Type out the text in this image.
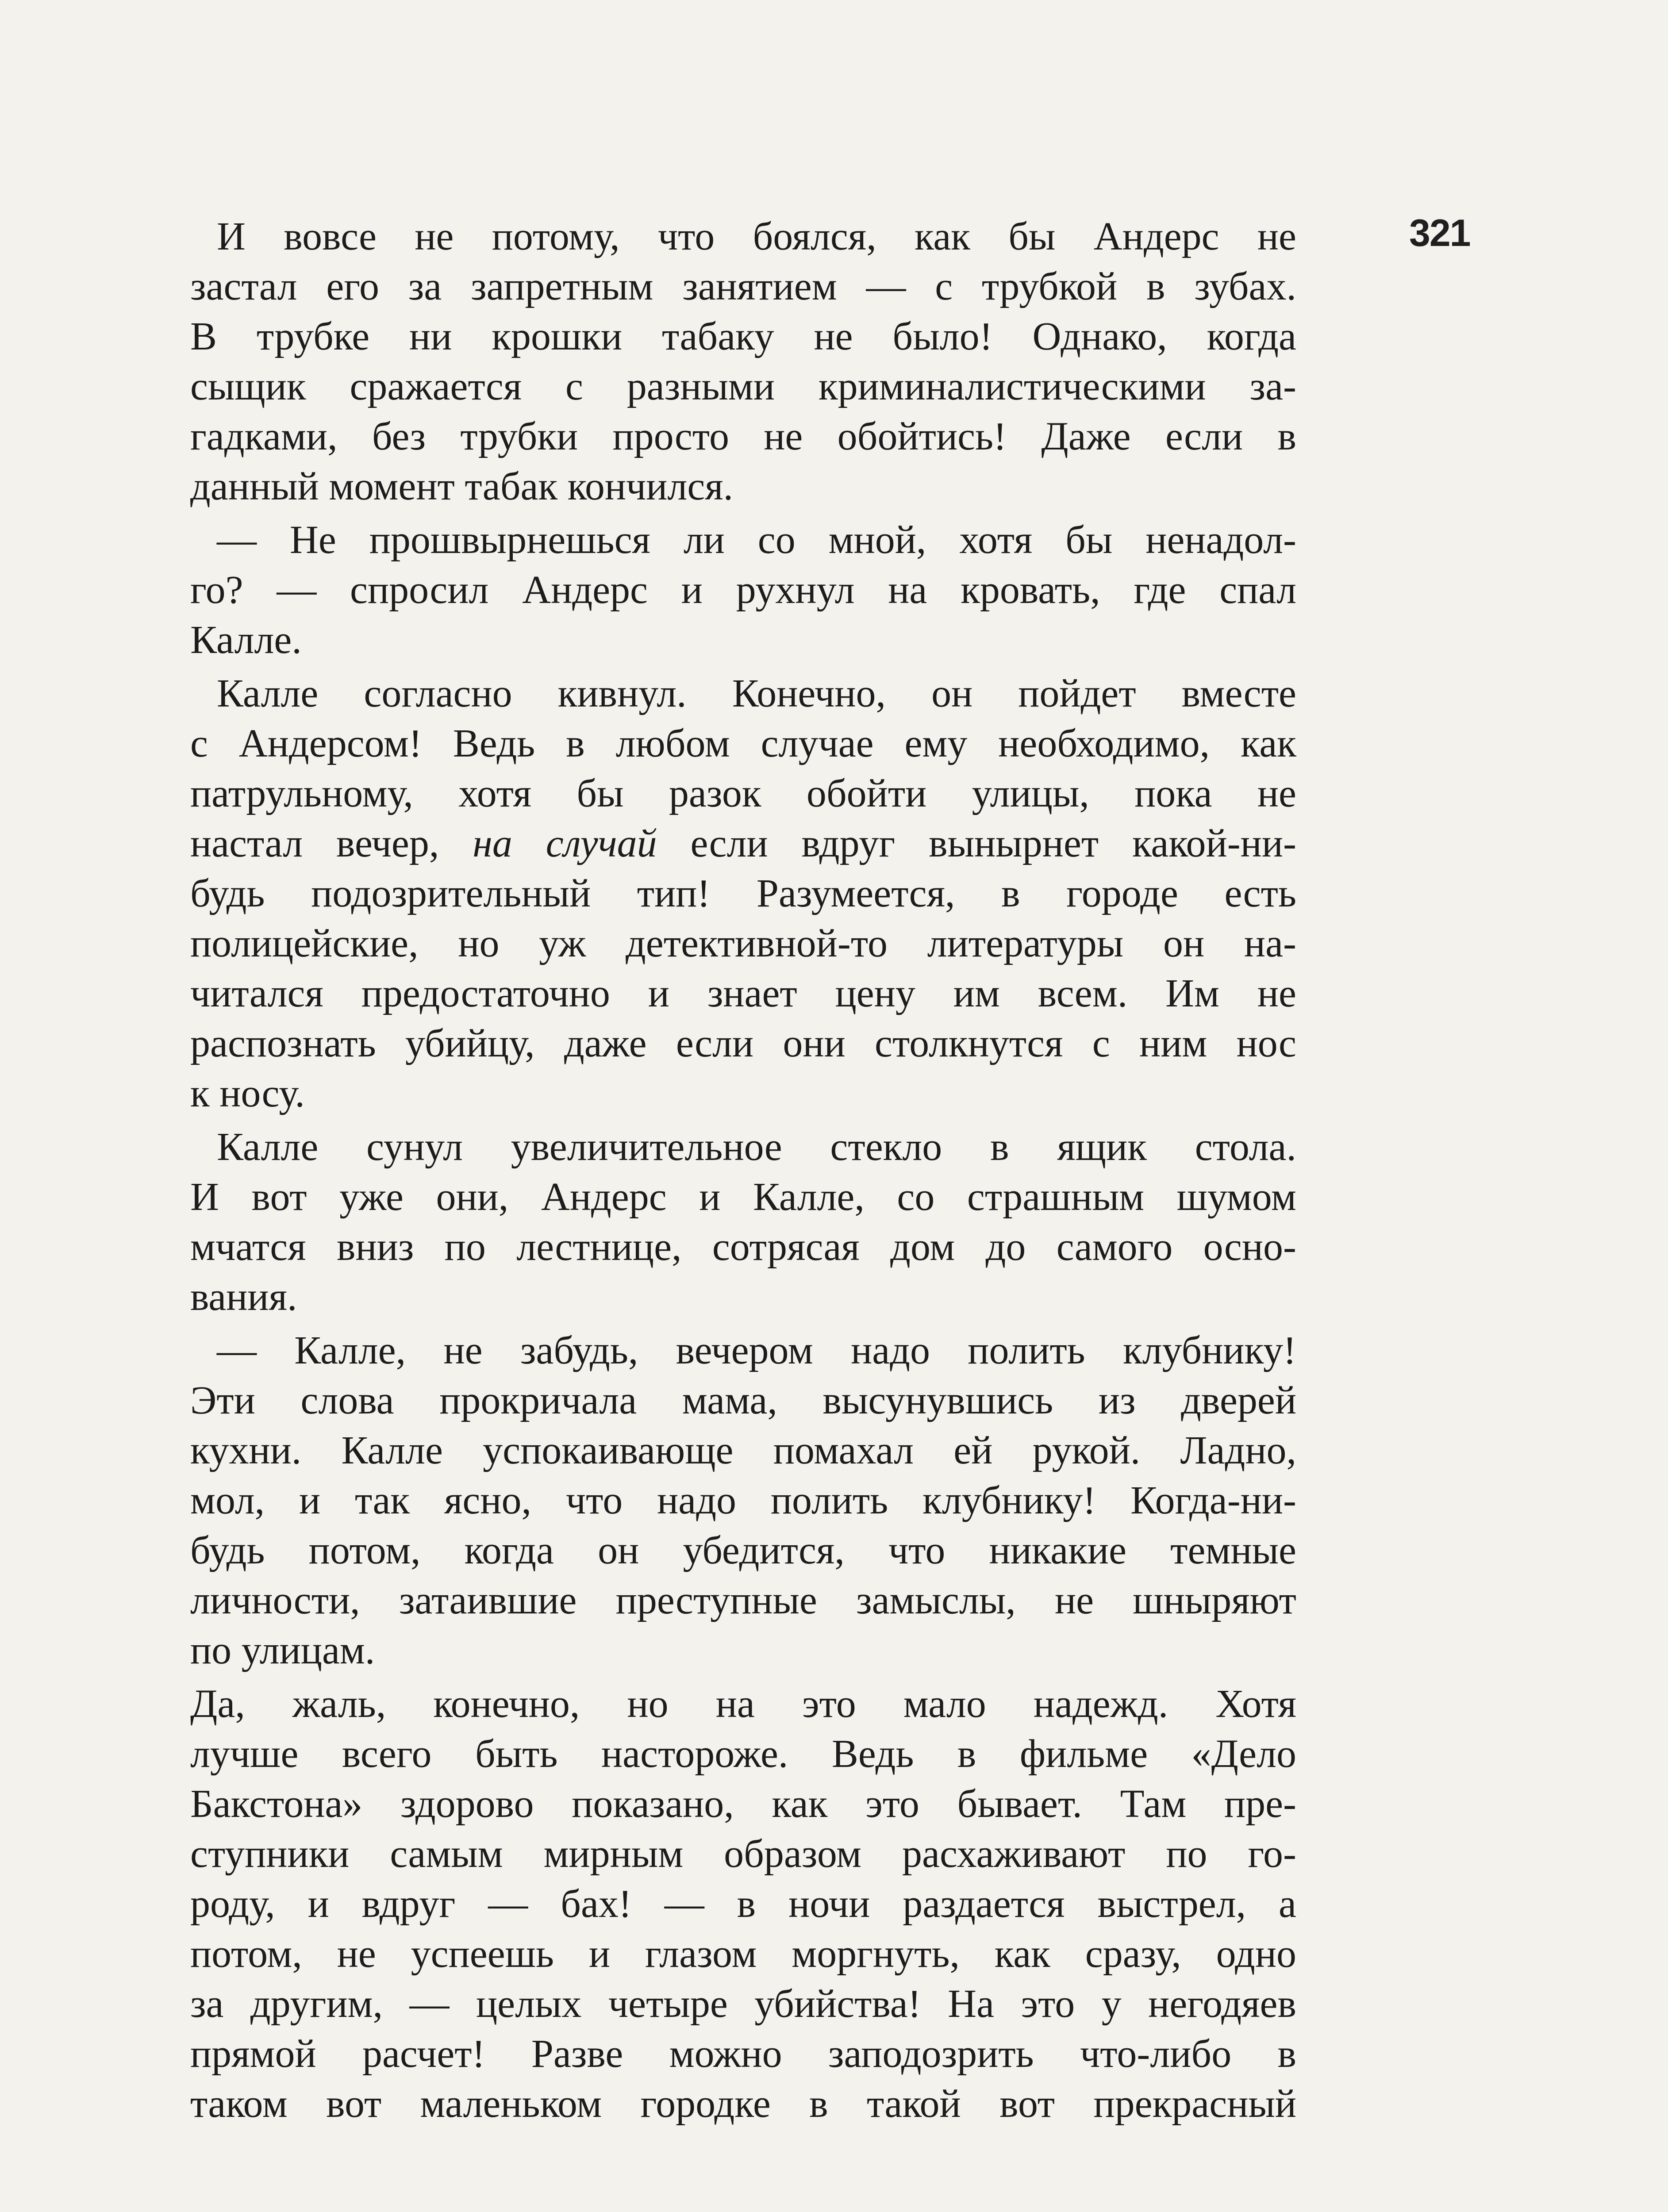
321
И вовсе не потому, что боялся, как бы Андерс не
застал его за запретным занятием — с трубкой в зубах.
В трубке ни крошки табаку не было! Однако, когда
сыщик сражается с разными криминалистическими за-
гадками, без трубки просто не обойтись! Даже если в
данный момент табак кончился.
— Не прошвырнешься ли со мной, хотя бы ненадол-
го? — спросил Андерс и рухнул на кровать, где спал
Калле.
Калле согласно кивнул. Конечно, он пойдет вместе
с Андерсом! Ведь в любом случае ему необходимо, как
патрульному, хотя бы разок обойти улицы, пока не
настал вечер, на случай если вдруг вынырнет какой-ни-
будь подозрительный тип! Разумеется, в городе есть
полицейские, но уж детективной-то литературы он на-
читался предостаточно и знает цену им всем. Им не
распознать убийцу, даже если они столкнутся с ним нос
к носу.
Калле сунул увеличительное стекло в ящик стола.
И вот уже они, Андерс и Калле, со страшным шумом
мчатся вниз по лестнице, сотрясая дом до самого осно-
вания.
— Калле, не забудь, вечером надо полить клубнику!
Эти слова прокричала мама, высунувшись из дверей
кухни. Калле успокаивающе помахал ей рукой. Ладно,
мол, и так ясно, что надо полить клубнику! Когда-ни-
будь потом, когда он убедится, что никакие темные
личности, затаившие преступные замыслы, не шныряют
по улицам.
Да, жаль, конечно, но на это мало надежд. Хотя
лучше всего быть настороже. Ведь в фильме «Дело
Бакстона» здорово показано, как это бывает. Там пре-
ступники самым мирным образом расхаживают по го-
роду, и вдруг — бах! — в ночи раздается выстрел, а
потом, не успеешь и глазом моргнуть, как сразу, одно
за другим, — целых четыре убийства! На это у негодяев
прямой расчет! Разве можно заподозрить что-либо в
таком вот маленьком городке в такой вот прекрасный
